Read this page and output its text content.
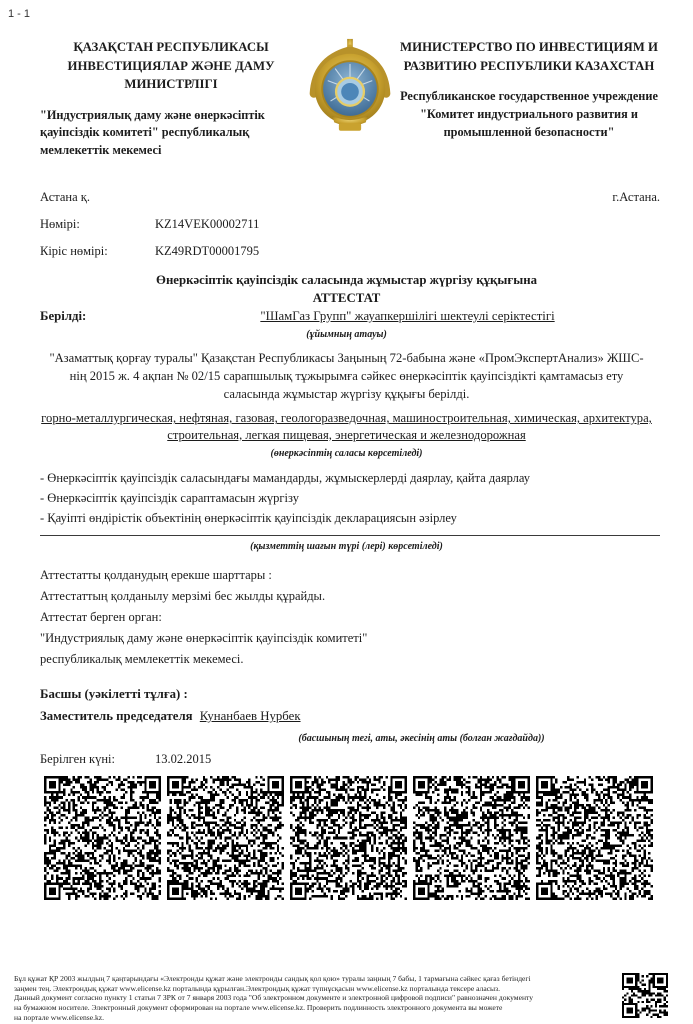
1 - 1
ҚАЗАҚСТАН РЕСПУБЛИКАСЫ ИНВЕСТИЦИЯЛАР ЖӘНЕ ДАМУ МИНИСТРЛІГІ
"Индустриялық даму және өнеркәсіптік қауіпсіздік комитеті" республикалық мемлекеттік мекемесі
МИНИСТЕРСТВО ПО ИНВЕСТИЦИЯМ И РАЗВИТИЮ РЕСПУБЛИКИ КАЗАХСТАН
Республиканское государственное учреждение "Комитет индустриального развития и промышленной безопасности"
Астана қ.	г.Астана.
Нөмірі:	KZ14VEK00002711
Кіріс нөмірі:	KZ49RDT00001795
Өнеркәсіптік қауіпсіздік саласында жұмыстар жүргізу құқығына
АТТЕСТАТ
Берілді:	"ШамГаз Групп" жауапкершілігі шектеулі серіктестігі
(ұйымның атауы)
"Азаматтық қорғау туралы" Қазақстан Республикасы Заңының 72-бабына және «ПромЭкспертАнализ» ЖШС-нің 2015 ж. 4 ақпан № 02/15 сарапшылық тұжырымға сәйкес өнеркәсіптік қауіпсіздікті қамтамасыз ету саласында жұмыстар жүргізу құқығы берілді.
горно-металлургическая, нефтяная, газовая, геологоразведочная, машиностроительная, химическая, архитектура, строительная, легкая пищевая, энергетическая и железнодорожная
(өнеркәсіптің саласы көрсетіледі)
- Өнеркәсіптік қауіпсіздік саласындағы мамандарды, жұмыскерлерді даярлау, қайта даярлау
- Өнеркәсіптік қауіпсіздік сараптамасын жүргізу
- Қауіпті өндірістік объектінің өнеркәсіптік қауіпсіздік декларациясын әзірлеу
(қызметтің шағын түрі (лері) көрсетіледі)
Аттестатты қолданудың ерекше шарттары :
Аттестаттың қолданылу мерзімі бес жылды құрайды.
Аттестат берген орган:
"Индустриялық даму және өнеркәсіптік қауіпсіздік комитеті"
республикалық мемлекеттік мекемесі.
Басшы (уәкілетті тұлға) :
Заместитель председателя Кунанбаев Нурбек
(басшының тегі, аты, әкесінің аты (болған жағдайда))
Берілген күні:	13.02.2015
Бұл құжат ҚР 2003 жылдың 7 қаңтарындағы «Электронды құжат және электронды сандық қол қою» туралы заңның 7 бабы, 1 тармағына сәйкес қағаз бетіндегі
заңмен тең. Электрондық құжат www.elicense.kz порталында құрылған.Электрондық құжат түпнұсқасын www.elicense.kz порталында тексере аласыз.
Данный документ согласно пункту 1 статьи 7 ЗРК от 7 января 2003 года "Об электронном документе и электронной цифровой подписи" равнозначен документу
на бумажном носителе. Электронный документ сформирован на портале www.elicense.kz. Проверить подлинность электронного документа вы можете
на портале www.elicense.kz.
